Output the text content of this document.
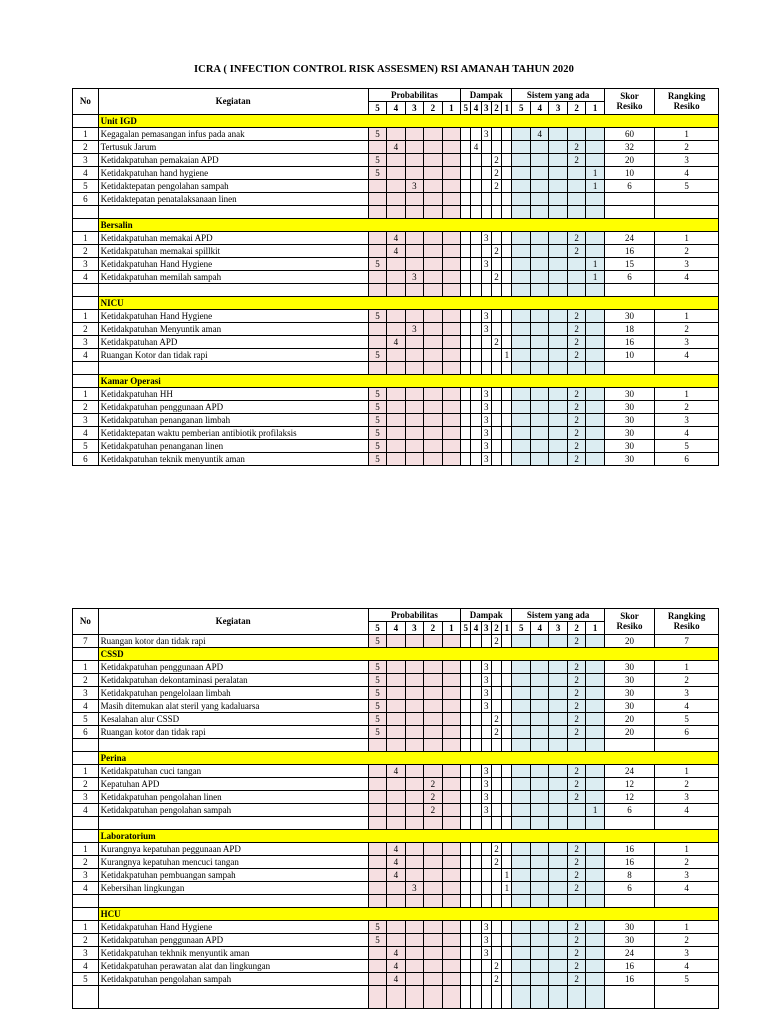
ICRA ( INFECTION CONTROL RISK ASSESMEN) RSI AMANAH TAHUN 2020
No	Kegiatan	Probabilitas					Dampak					Sistem yang ada					Skor
Resiko	Rangking
Resiko
		5	4	3	2	1	5	4	3	2	1	5	4	3	2	1		
	Unit IGD																	
1	Kegagalan pemasangan infus pada anak	5							3				4				60	1
2	Tertusuk Jarum		4					4							2		32	2
3	Ketidakpatuhan pemakaian APD	5								2					2		20	3
4	Ketidakpatuhan hand hygiene	5								2						1	10	4
5	Ketidaktepatan pengolahan sampah			3						2						1	6	5
6	Ketidaktepatan penatalaksanaan linen																	

	Bersalin																	
1	Ketidakpatuhan memakai APD		4						3						2		24	1
2	Ketidakpatuhan memakai spillkit		4							2					2		16	2
3	Ketidakpatuhan Hand Hygiene	5							3							1	15	3
4	Ketidakpatuhan memilah sampah			3						2						1	6	4

	NICU																	
1	Ketidakpatuhan Hand Hygiene	5							3						2		30	1
2	Ketidakpatuhan Menyuntik aman			3					3						2		18	2
3	Ketidakpatuhan APD		4							2					2		16	3
4	Ruangan Kotor dan tidak rapi	5									1				2		10	4

	Kamar Operasi																	
1	Ketidakpatuhan HH	5							3						2		30	1
2	Ketidakpatuhan penggunaan APD	5							3						2		30	2
3	Ketidakpatuhan penanganan limbah	5							3						2		30	3
4	Ketidaktepatan waktu pemberian antibiotik profilaksis	5							3						2		30	4
5	Ketidakpatuhan penanganan linen	5							3						2		30	5
6	Ketidakpatuhan teknik menyuntik aman	5							3						2		30	6
No	Kegiatan	Probabilitas					Dampak					Sistem yang ada					Skor
Resiko	Rangking
Resiko
		5	4	3	2	1	5	4	3	2	1	5	4	3	2	1		
7	Ruangan kotor dan tidak rapi	5								2					2		20	7
	CSSD																	
1	Ketidakpatuhan penggunaan APD	5							3						2		30	1
2	Ketidakpatuhan dekontaminasi peralatan	5							3						2		30	2
3	Ketidakpatuhan pengelolaan limbah	5							3						2		30	3
4	Masih ditemukan alat steril yang kadaluarsa	5							3						2		30	4
5	Kesalahan alur CSSD	5								2					2		20	5
6	Ruangan kotor dan tidak rapi	5								2					2		20	6

	Perina																	
1	Ketidakpatuhan cuci tangan		4						3						2		24	1
2	Kepatuhan APD				2				3						2		12	2
3	Ketidakpatuhan pengolahan linen				2				3						2		12	3
4	Ketidakpatuhan pengolahan sampah				2				3							1	6	4

	Laboratorium																	
1	Kurangnya kepatuhan peggunaan APD		4							2					2		16	1
2	Kurangnya kepatuhan mencuci tangan		4							2					2		16	2
3	Ketidakpatuhan pembuangan sampah		4								1				2		8	3
4	Kebersihan lingkungan			3							1				2		6	4

	HCU																	
1	Ketidakpatuhan Hand Hygiene	5							3						2		30	1
2	Ketidakpatuhan penggunaan APD	5							3						2		30	2
3	Ketidakpatuhan tekhnik menyuntik aman		4						3						2		24	3
4	Ketidakpatuhan perawatan alat dan lingkungan		4							2					2		16	4
5	Ketidakpatuhan pengolahan sampah		4							2					2		16	5
